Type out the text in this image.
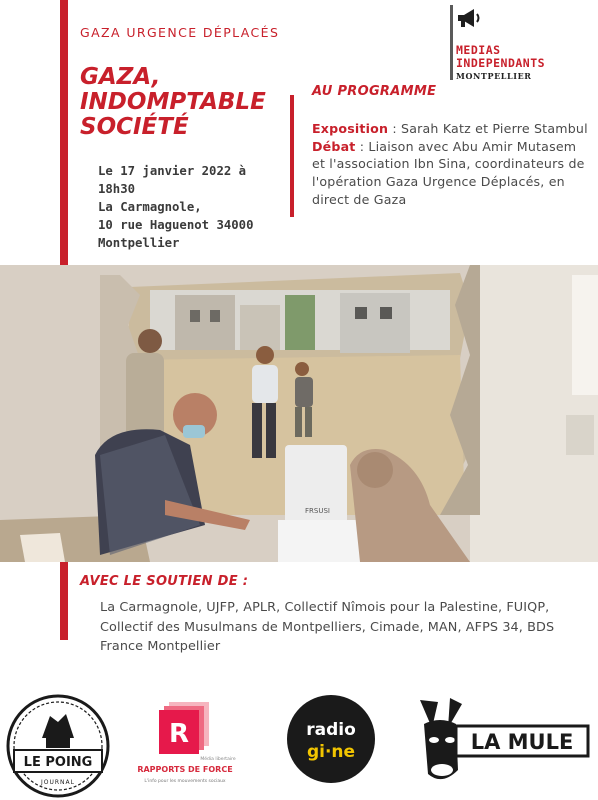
GAZA URGENCE DÉPLACÉS
GAZA,
INDOMPTABLE
SOCIÉTÉ
Le 17 janvier 2022 à
18h30
La Carmagnole,
10 rue Haguenot 34000
Montpellier
MEDIAS
INDEPENDANTS
MONTPELLIER
AU PROGRAMME

Exposition : Sarah Katz et Pierre Stambul

Débat : Liaison avec Abu Amir Mutasem et l'association Ibn Sina, coordinateurs de l'opération Gaza Urgence Déplacés, en direct de Gaza

FRSUSI
AVEC LE SOUTIEN DE :
La Carmagnole, UJFP, APLR, Collectif Nîmois pour la Palestine, FUIQP, Collectif des Musulmans de Montpelliers, Cimade, MAN, AFPS 34, BDS France Montpellier
LE POING
JOURNAL
R
Média libertaire
RAPPORTS DE FORCE
L'info pour les mouvements sociaux
radio
gi·ne	LA MULE
